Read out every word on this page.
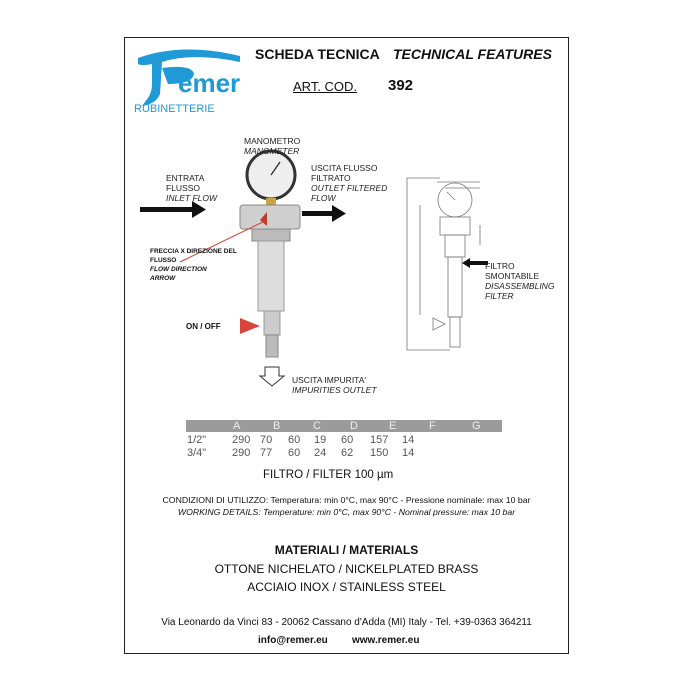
emer
RUBINETTERIE
SCHEDA TECNICA TECHNICAL FEATURES
ART. COD. 392
MANOMETRO
MANOMETER
ENTRATA
FLUSSO
INLET FLOW
USCITA FLUSSO
FILTRATO
OUTLET FILTERED
FLOW
FRECCIA X DIREZIONE DEL
FLUSSO
FLOW DIRECTION
ARROW
ON / OFF
USCITA IMPURITA'
IMPURITIES OUTLET
FILTRO
SMONTABILE
DISASSEMBLING
FILTER
A	B	C	D	E	F	G
1/2" 290 70 60 19 60 157 14
3/4" 290 77 60 24 62 150 14
FILTRO / FILTER 100 µm
CONDIZIONI DI UTILIZZO: Temperatura: min 0°C, max 90°C - Pressione nominale: max 10 bar
WORKING DETAILS: Temperature: min 0°C, max 90°C - Nominal pressure: max 10 bar
MATERIALI / MATERIALS
OTTONE NICHELATO / NICKELPLATED BRASS
ACCIAIO INOX / STAINLESS STEEL
Via Leonardo da Vinci 83 - 20062 Cassano d'Adda (MI) Italy - Tel. +39-0363 364211
info@remer.eu www.remer.eu
